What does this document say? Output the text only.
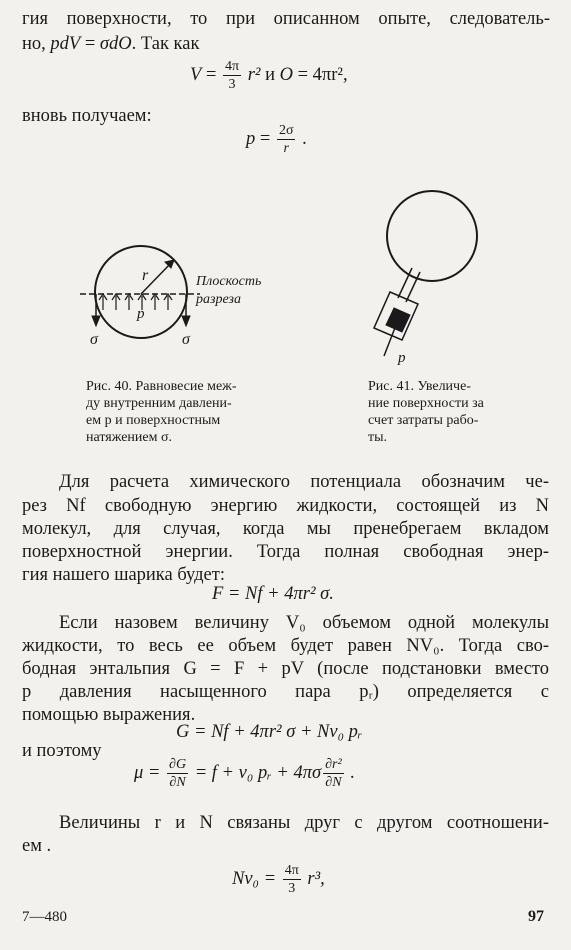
гия поверхности, то при описанном опыте, следователь-
но, pdV = σdO. Так как
$V = \frac{4\pi}{3} r^2$ и O = 4πr²,
вновь получаем:
$p = \frac{2\sigma}{r}$ .
r
p
Плоскость
разреза
σ	σ
p
Рис. 40. Равновесие меж-
ду внутренним давлени-
ем p и поверхностным
натяжением σ.
Рис. 41. Увеличе-
ние поверхности за
счет затраты рабо-
ты.
Для расчета химического потенциала обозначим че-
рез Nf свободную энергию жидкости, состоящей из N
молекул, для случая, когда мы пренебрегаем вкладом
поверхностной энергии. Тогда полная свободная энер-
гия нашего шарика будет:
F = Nf + 4πr² σ.
Если назовем величину V₀ объемом одной молекулы
жидкости, то весь ее объем будет равен NV₀. Тогда сво-
бодная энтальпия G = F + pV (после подстановки вместо
p давления насыщенного пара pᵣ) определяется с
помощью выражения.
G = Nf + 4πr² σ + Nv₀ pᵣ
и поэтому
$\mu = \frac{\partial G}{\partial N} = f + v_0$ pᵣ + $4\pi\sigma \frac{\text{∂r²}}{\partial N}$ .
Величины r и N связаны друг с другом соотношени-
ем .
$Nv_0 = \frac{4\pi}{3} r^3$,
7—480	97
